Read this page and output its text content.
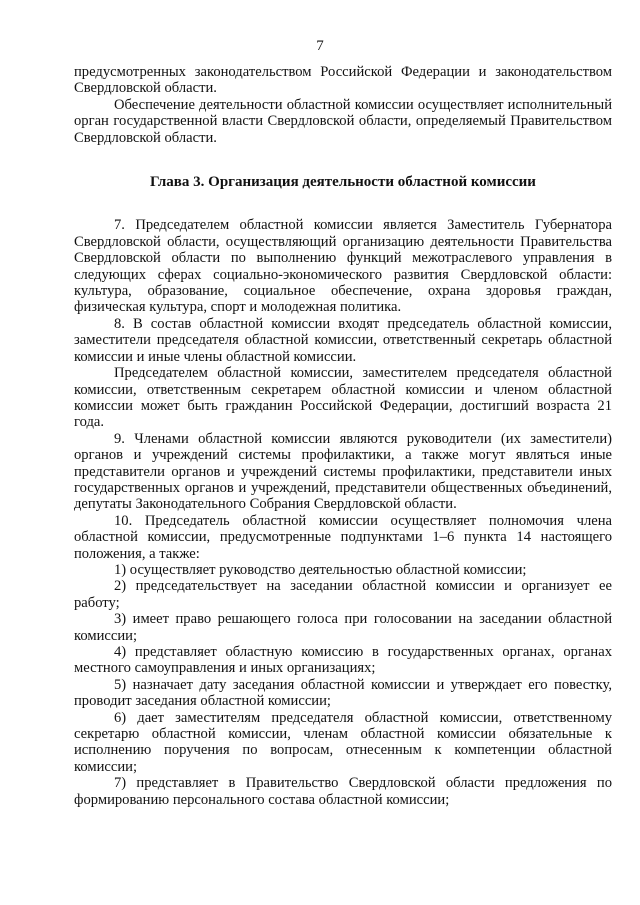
7

предусмотренных законодательством Российской Федерации и законодательством Свердловской области.

Обеспечение деятельности областной комиссии осуществляет исполнительный орган государственной власти Свердловской области, определяемый Правительством Свердловской области.

Глава 3. Организация деятельности областной комиссии

7. Председателем областной комиссии является Заместитель Губернатора Свердловской области, осуществляющий организацию деятельности Правительства Свердловской области по выполнению функций межотраслевого управления в следующих сферах социально-экономического развития Свердловской области: культура, образование, социальное обеспечение, охрана здоровья граждан, физическая культура, спорт и молодежная политика.

8. В состав областной комиссии входят председатель областной комиссии, заместители председателя областной комиссии, ответственный секретарь областной комиссии и иные члены областной комиссии.

Председателем областной комиссии, заместителем председателя областной комиссии, ответственным секретарем областной комиссии и членом областной комиссии может быть гражданин Российской Федерации, достигший возраста 21 года.

9. Членами областной комиссии являются руководители (их заместители) органов и учреждений системы профилактики, а также могут являться иные представители органов и учреждений системы профилактики, представители иных государственных органов и учреждений, представители общественных объединений, депутаты Законодательного Собрания Свердловской области.

10. Председатель областной комиссии осуществляет полномочия члена областной комиссии, предусмотренные подпунктами 1–6 пункта 14 настоящего положения, а также:

1) осуществляет руководство деятельностью областной комиссии;

2) председательствует на заседании областной комиссии и организует ее работу;

3) имеет право решающего голоса при голосовании на заседании областной комиссии;

4) представляет областную комиссию в государственных органах, органах местного самоуправления и иных организациях;

5) назначает дату заседания областной комиссии и утверждает его повестку, проводит заседания областной комиссии;

6) дает заместителям председателя областной комиссии, ответственному секретарю областной комиссии, членам областной комиссии обязательные к исполнению поручения по вопросам, отнесенным к компетенции областной комиссии;

7) представляет в Правительство Свердловской области предложения по формированию персонального состава областной комиссии;
